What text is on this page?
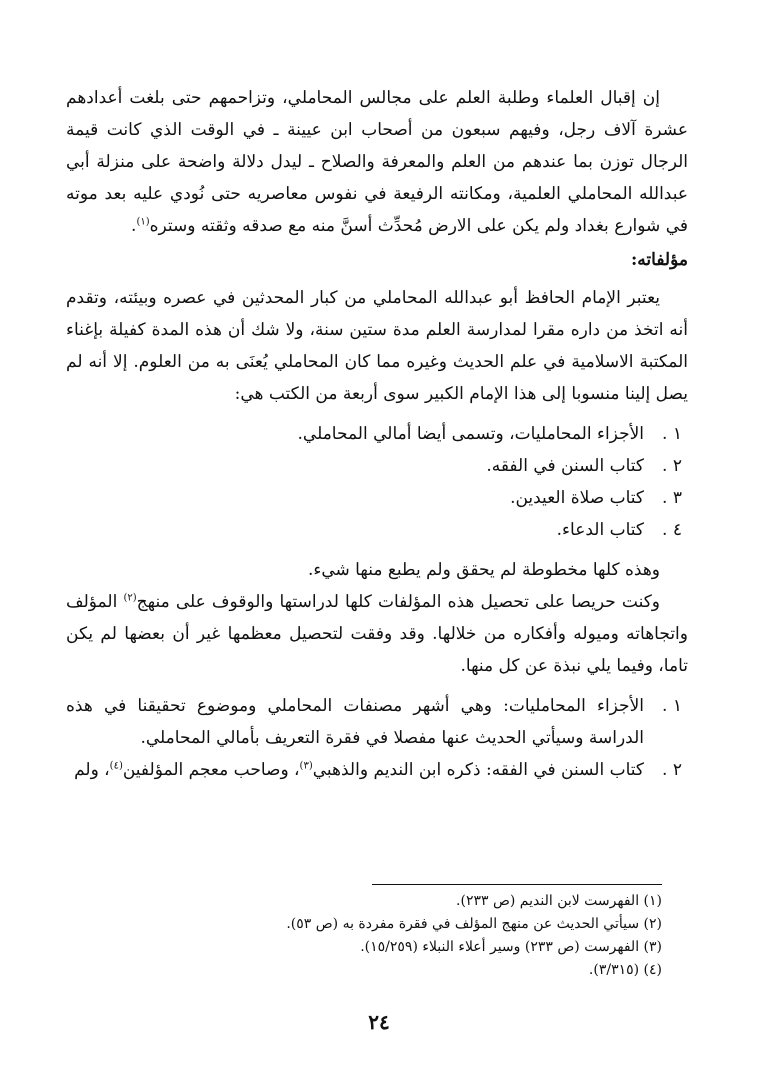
إن إقبال العلماء وطلبة العلم على مجالس المحاملي، وتزاحمهم حتى بلغت أعدادهم عشرة آلاف رجل، وفيهم سبعون من أصحاب ابن عيينة ـ في الوقت الذي كانت قيمة الرجال توزن بما عندهم من العلم والمعرفة والصلاح ـ ليدل دلالة واضحة على منزلة أبي عبدالله المحاملي العلمية، ومكانته الرفيعة في نفوس معاصريه حتى نُودي عليه بعد موته في شوارع بغداد ولم يكن على الارض مُحدِّث أسنَّ منه مع صدقه وثقته وستره$^{(١)}$.

مؤلفاته:

يعتبر الإمام الحافظ أبو عبدالله المحاملي من كبار المحدثين في عصره وبيئته، وتقدم أنه اتخذ من داره مقرا لمدارسة العلم مدة ستين سنة، ولا شك أن هذه المدة كفيلة بإغناء المكتبة الاسلامية في علم الحديث وغيره مما كان المحاملي يُعنَى به من العلوم. إلا أنه لم يصل إلينا منسوبا إلى هذا الإمام الكبير سوى أربعة من الكتب هي:

١ .
الأجزاء المحامليات، وتسمى أيضا أمالي المحاملي.
٢ .
كتاب السنن في الفقه.
٣ .
كتاب صلاة العيدين.
٤ .
كتاب الدعاء.

وهذه كلها مخطوطة لم يحقق ولم يطبع منها شيء.

وكنت حريصا على تحصيل هذه المؤلفات كلها لدراستها والوقوف على منهج$^{(٢)}$ المؤلف واتجاهاته وميوله وأفكاره من خلالها. وقد وفقت لتحصيل معظمها غير أن بعضها لم يكن تاما، وفيما يلي نبذة عن كل منها.

١ .
الأجزاء المحامليات: وهي أشهر مصنفات المحاملي وموضوع تحقيقنا في هذه الدراسة وسيأتي الحديث عنها مفصلا في فقرة التعريف بأمالي المحاملي.
٢ .
كتاب السنن في الفقه: ذكره ابن النديم والذهبي$^{(٣)}$، وصاحب معجم المؤلفين$^{(٤)}$، ولم
(١) الفهرست لابن النديم (ص ٢٣٣).
(٢) سيأتي الحديث عن منهج المؤلف في فقرة مفردة به (ص ٥٣).
(٣) الفهرست (ص ٢٣٣) وسير أعلاء النبلاء (١٥/٢٥٩).
(٤) (٣/٣١٥).
٢٤
